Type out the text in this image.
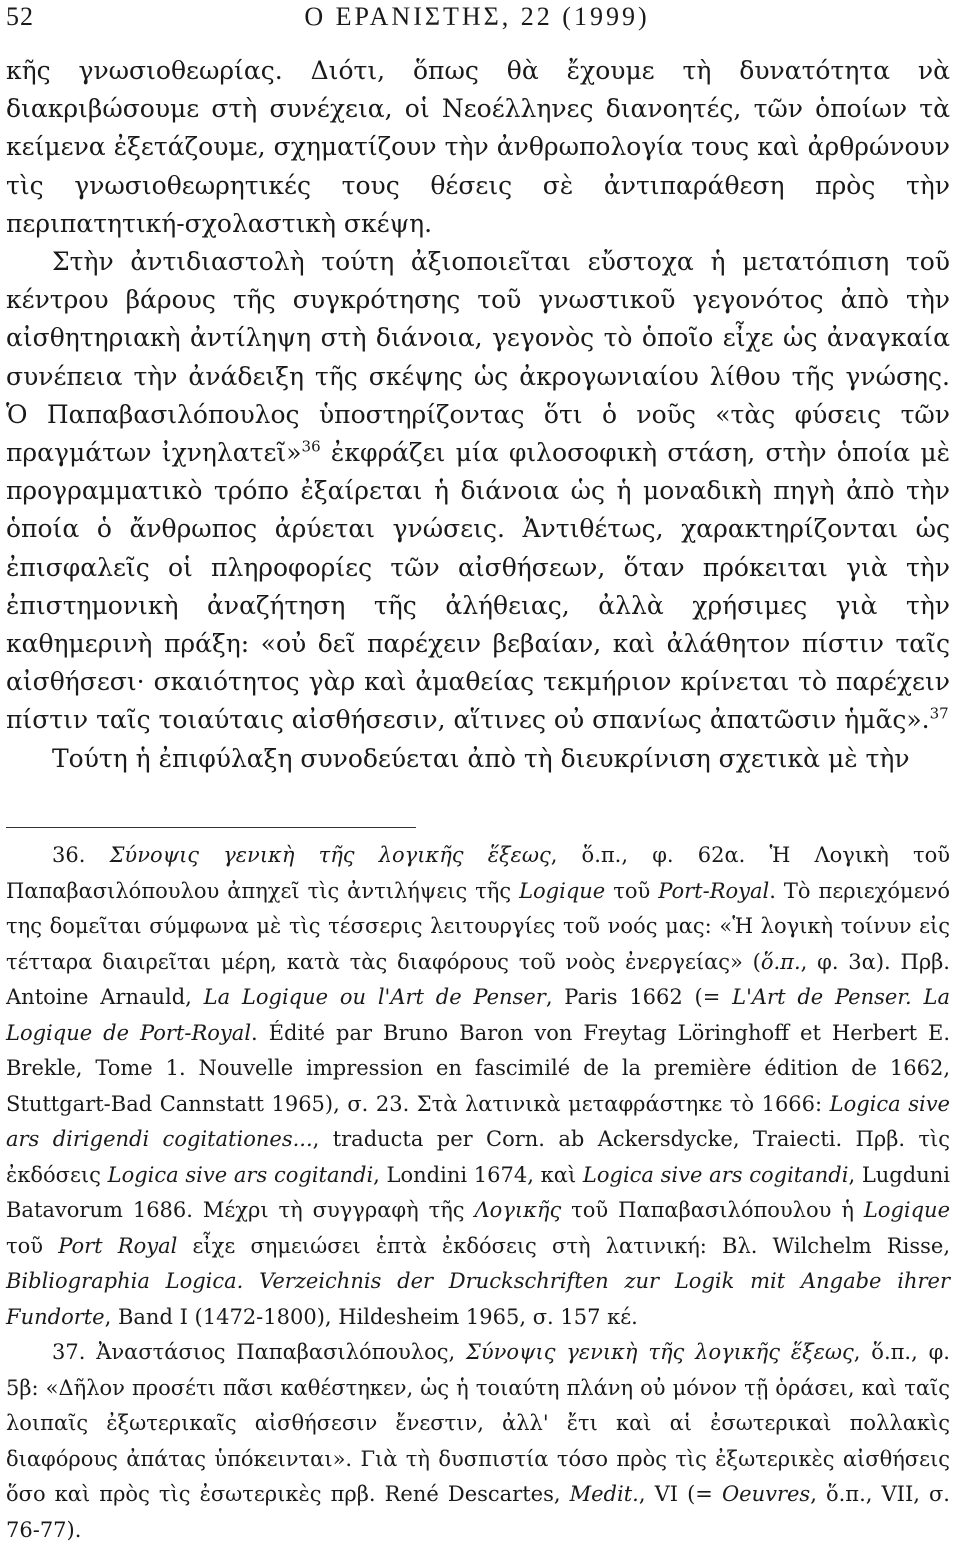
52	Ο ΕΡΑΝΙΣΤΗΣ, 22 (1999)

κῆς γνωσιοθεωρίας. Διότι, ὅπως θὰ ἔχουμε τὴ δυνατότητα νὰ διακριβώσουμε στὴ συνέχεια, οἱ Νεοέλληνες διανοητές, τῶν ὁποίων τὰ κείμενα ἐξετάζουμε, σχηματίζουν τὴν ἀνθρωπολογία τους καὶ ἀρθρώνουν τὶς γνωσιοθεωρητικές τους θέσεις σὲ ἀντιπαράθεση πρὸς τὴν περιπατητική-σχολαστικὴ σκέψη.

Στὴν ἀντιδιαστολὴ τούτη ἀξιοποιεῖται εὔστοχα ἡ μετατόπιση τοῦ κέντρου βάρους τῆς συγκρότησης τοῦ γνωστικοῦ γεγονότος ἀπὸ τὴν αἰσθητηριακὴ ἀντίληψη στὴ διάνοια, γεγονὸς τὸ ὁποῖο εἶχε ὡς ἀναγκαία συνέπεια τὴν ἀνάδειξη τῆς σκέψης ὡς ἀκρογωνιαίου λίθου τῆς γνώσης. Ὁ Παπαβασιλόπουλος ὑποστηρίζοντας ὅτι ὁ νοῦς «τὰς φύσεις τῶν πραγμάτων ἰχνηλατεῖ»$^{36}$ ἐκφράζει μία φιλοσοφικὴ στάση, στὴν ὁποία μὲ προγραμματικὸ τρόπο ἐξαίρεται ἡ διάνοια ὡς ἡ μοναδικὴ πηγὴ ἀπὸ τὴν ὁποία ὁ ἄνθρωπος ἀρύεται γνώσεις. Ἀντιθέτως, χαρακτηρίζονται ὡς ἐπισφαλεῖς οἱ πληροφορίες τῶν αἰσθήσεων, ὅταν πρόκειται γιὰ τὴν ἐπιστημονικὴ ἀναζήτηση τῆς ἀλήθειας, ἀλλὰ χρήσιμες γιὰ τὴν καθημερινὴ πράξη: «οὐ δεῖ παρέχειν βεβαίαν, καὶ ἀλάθητον πίστιν ταῖς αἰσθήσεσι· σκαιότητος γὰρ καὶ ἀμαθείας τεκμήριον κρίνεται τὸ παρέχειν πίστιν ταῖς τοιαύταις αἰσθήσεσιν, αἵτινες οὐ σπανίως ἀπατῶσιν ἡμᾶς».$^{37}$

Τούτη ἡ ἐπιφύλαξη συνοδεύεται ἀπὸ τὴ διευκρίνιση σχετικὰ μὲ τὴν

36. Σύνοψις γενικὴ τῆς λογικῆς ἕξεως, ὅ.π., φ. 62α. Ἡ Λογικὴ τοῦ Παπαβασιλόπουλου ἀπηχεῖ τὶς ἀντιλήψεις τῆς Logique τοῦ Port-Royal. Τὸ περιεχόμενό της δομεῖται σύμφωνα μὲ τὶς τέσσερις λειτουργίες τοῦ νοός μας: «Ἡ λογικὴ τοίνυν εἰς τέτταρα διαιρεῖται μέρη, κατὰ τὰς διαφόρους τοῦ νοὸς ἐνεργείας» (ὅ.π., φ. 3α). Πρβ. Antoine Arnauld, La Logique ou l'Art de Penser, Paris 1662 (= L'Art de Penser. La Logique de Port-Royal. Édité par Bruno Baron von Freytag Löringhoff et Herbert E. Brekle, Tome 1. Nouvelle impression en fascimilé de la première édition de 1662, Stuttgart-Bad Cannstatt 1965), σ. 23. Στὰ λατινικὰ μεταφράστηκε τὸ 1666: Logica sive ars dirigendi cogitationes..., traducta per Corn. ab Ackersdycke, Traiecti. Πρβ. τὶς ἐκδόσεις Logica sive ars cogitandi, Londini 1674, καὶ Logica sive ars cogitandi, Lugduni Batavorum 1686. Μέχρι τὴ συγγραφὴ τῆς Λογικῆς τοῦ Παπαβασιλόπουλου ἡ Logique τοῦ Port Royal εἶχε σημειώσει ἑπτὰ ἐκδόσεις στὴ λατινική: Βλ. Wilchelm Risse, Bibliographia Logica. Verzeichnis der Druckschriften zur Logik mit Angabe ihrer Fundorte, Band I (1472-1800), Hildesheim 1965, σ. 157 κέ.

37. Ἀναστάσιος Παπαβασιλόπουλος, Σύνοψις γενικὴ τῆς λογικῆς ἕξεως, ὅ.π., φ. 5β: «Δῆλον προσέτι πᾶσι καθέστηκεν, ὡς ἡ τοιαύτη πλάνη οὐ μόνον τῇ ὁράσει, καὶ ταῖς λοιπαῖς ἐξωτερικαῖς αἰσθήσεσιν ἔνεστιν, ἀλλ' ἔτι καὶ αἱ ἐσωτερικαὶ πολλακὶς διαφόρους ἀπάτας ὑπόκεινται». Γιὰ τὴ δυσπιστία τόσο πρὸς τὶς ἐξωτερικὲς αἰσθήσεις ὅσο καὶ πρὸς τὶς ἐσωτερικὲς πρβ. René Descartes, Medit., VI (= Oeuvres, ὅ.π., VII, σ. 76-77).
